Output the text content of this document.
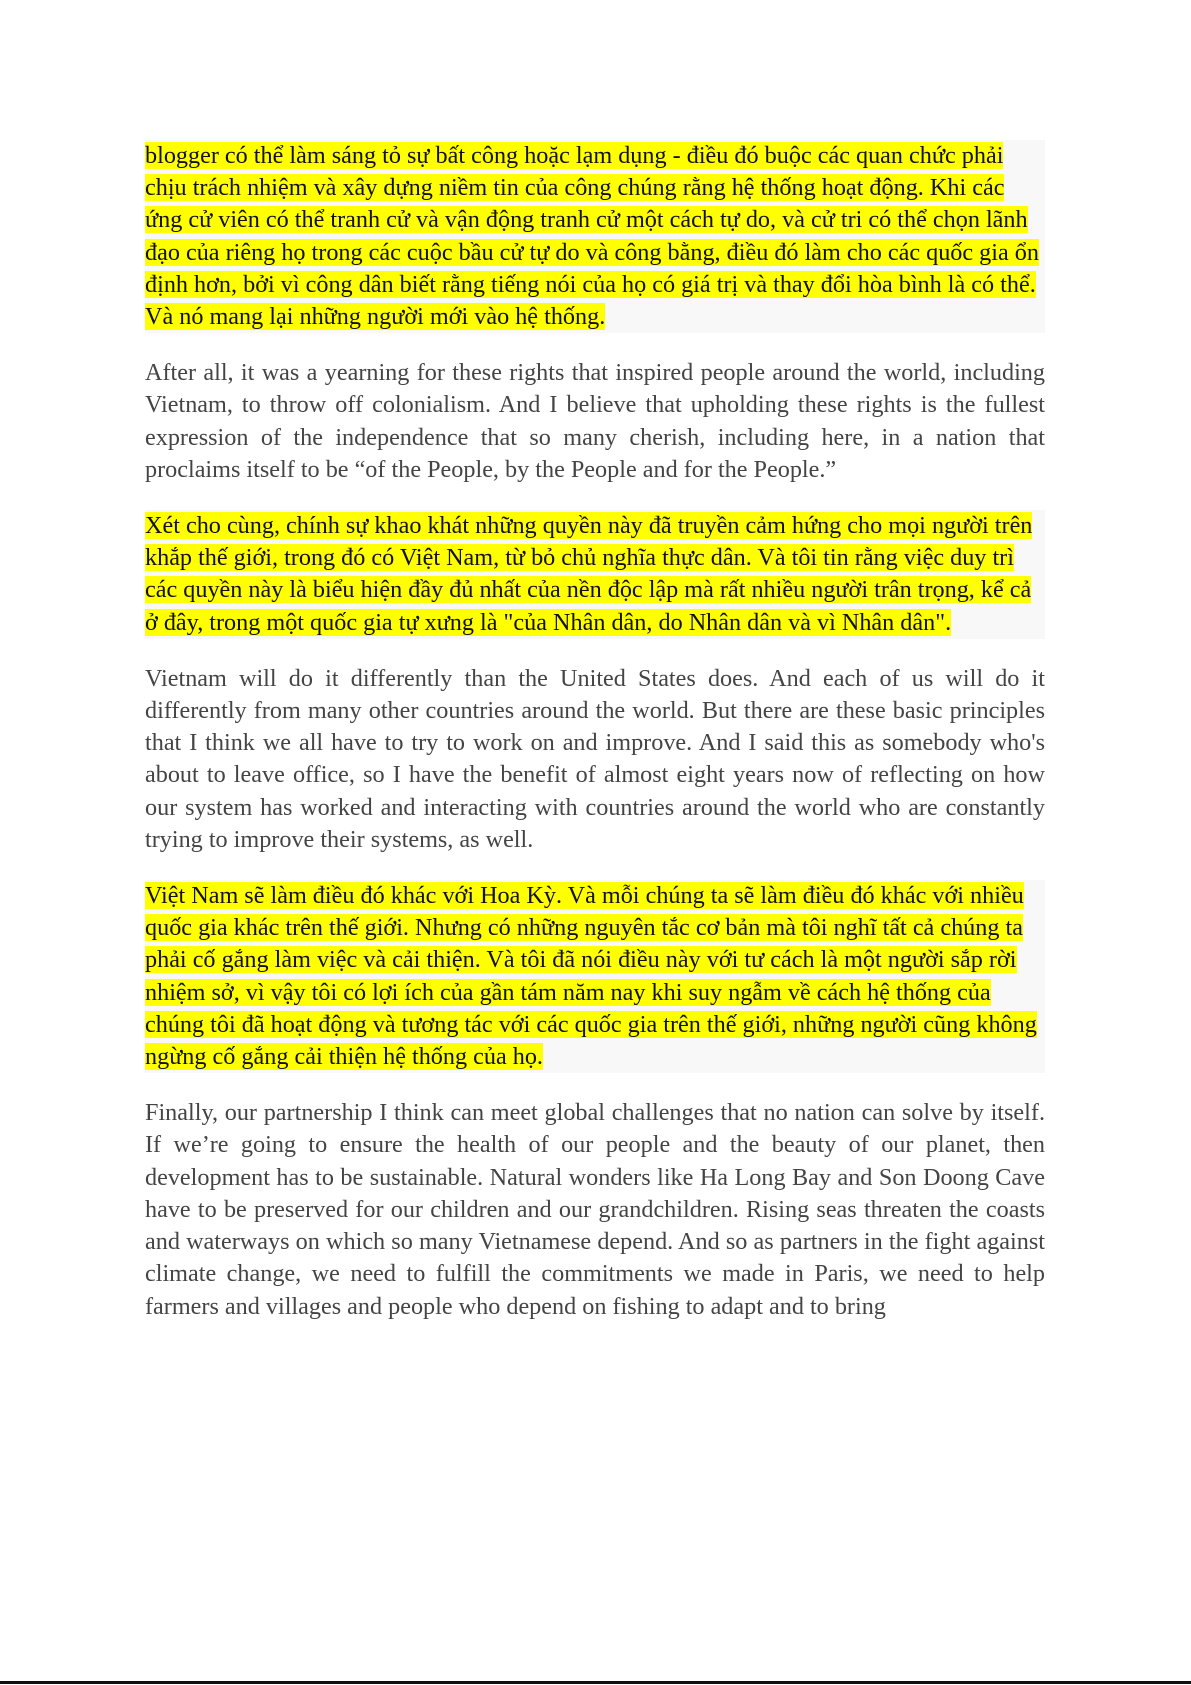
blogger có thể làm sáng tỏ sự bất công hoặc lạm dụng - điều đó buộc các quan chức phải chịu trách nhiệm và xây dựng niềm tin của công chúng rằng hệ thống hoạt động. Khi các ứng cử viên có thể tranh cử và vận động tranh cử một cách tự do, và cử tri có thể chọn lãnh đạo của riêng họ trong các cuộc bầu cử tự do và công bằng, điều đó làm cho các quốc gia ổn định hơn, bởi vì công dân biết rằng tiếng nói của họ có giá trị và thay đổi hòa bình là có thể. Và nó mang lại những người mới vào hệ thống.

After all, it was a yearning for these rights that inspired people around the world, including Vietnam, to throw off colonialism. And I believe that upholding these rights is the fullest expression of the independence that so many cherish, including here, in a nation that proclaims itself to be “of the People, by the People and for the People.”

Xét cho cùng, chính sự khao khát những quyền này đã truyền cảm hứng cho mọi người trên khắp thế giới, trong đó có Việt Nam, từ bỏ chủ nghĩa thực dân. Và tôi tin rằng việc duy trì các quyền này là biểu hiện đầy đủ nhất của nền độc lập mà rất nhiều người trân trọng, kể cả ở đây, trong một quốc gia tự xưng là "của Nhân dân, do Nhân dân và vì Nhân dân".

Vietnam will do it differently than the United States does. And each of us will do it differently from many other countries around the world. But there are these basic principles that I think we all have to try to work on and improve. And I said this as somebody who's about to leave office, so I have the benefit of almost eight years now of reflecting on how our system has worked and interacting with countries around the world who are constantly trying to improve their systems, as well.

Việt Nam sẽ làm điều đó khác với Hoa Kỳ. Và mỗi chúng ta sẽ làm điều đó khác với nhiều quốc gia khác trên thế giới. Nhưng có những nguyên tắc cơ bản mà tôi nghĩ tất cả chúng ta phải cố gắng làm việc và cải thiện. Và tôi đã nói điều này với tư cách là một người sắp rời nhiệm sở, vì vậy tôi có lợi ích của gần tám năm nay khi suy ngẫm về cách hệ thống của chúng tôi đã hoạt động và tương tác với các quốc gia trên thế giới, những người cũng không ngừng cố gắng cải thiện hệ thống của họ.

Finally, our partnership I think can meet global challenges that no nation can solve by itself. If we’re going to ensure the health of our people and the beauty of our planet, then development has to be sustainable. Natural wonders like Ha Long Bay and Son Doong Cave have to be preserved for our children and our grandchildren. Rising seas threaten the coasts and waterways on which so many Vietnamese depend. And so as partners in the fight against climate change, we need to fulfill the commitments we made in Paris, we need to help farmers and villages and people who depend on fishing to adapt and to bring
